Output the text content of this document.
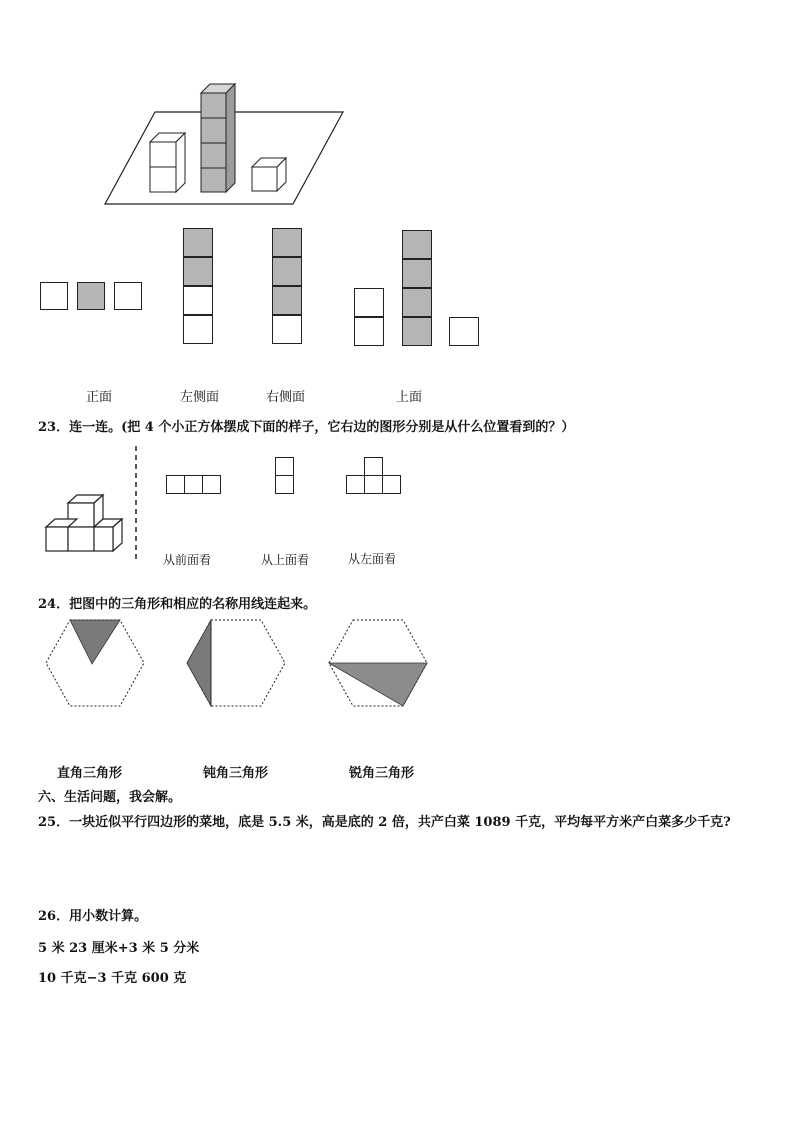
正面	左侧面	右侧面	上面
23．连一连。(把 4 个小正方体摆成下面的样子，它右边的图形分别是从什么位置看到的？）
从前面看	从上面看	从左面看
24．把图中的三角形和相应的名称用线连起来。
直角三角形	钝角三角形	锐角三角形
六、生活问题，我会解。
25．一块近似平行四边形的菜地，底是 5.5 米，高是底的 2 倍，共产白菜 1089 千克，平均每平方米产白菜多少千克?
26．用小数计算。
5 米 23 厘米+3 米 5 分米
10 千克−3 千克 600 克
